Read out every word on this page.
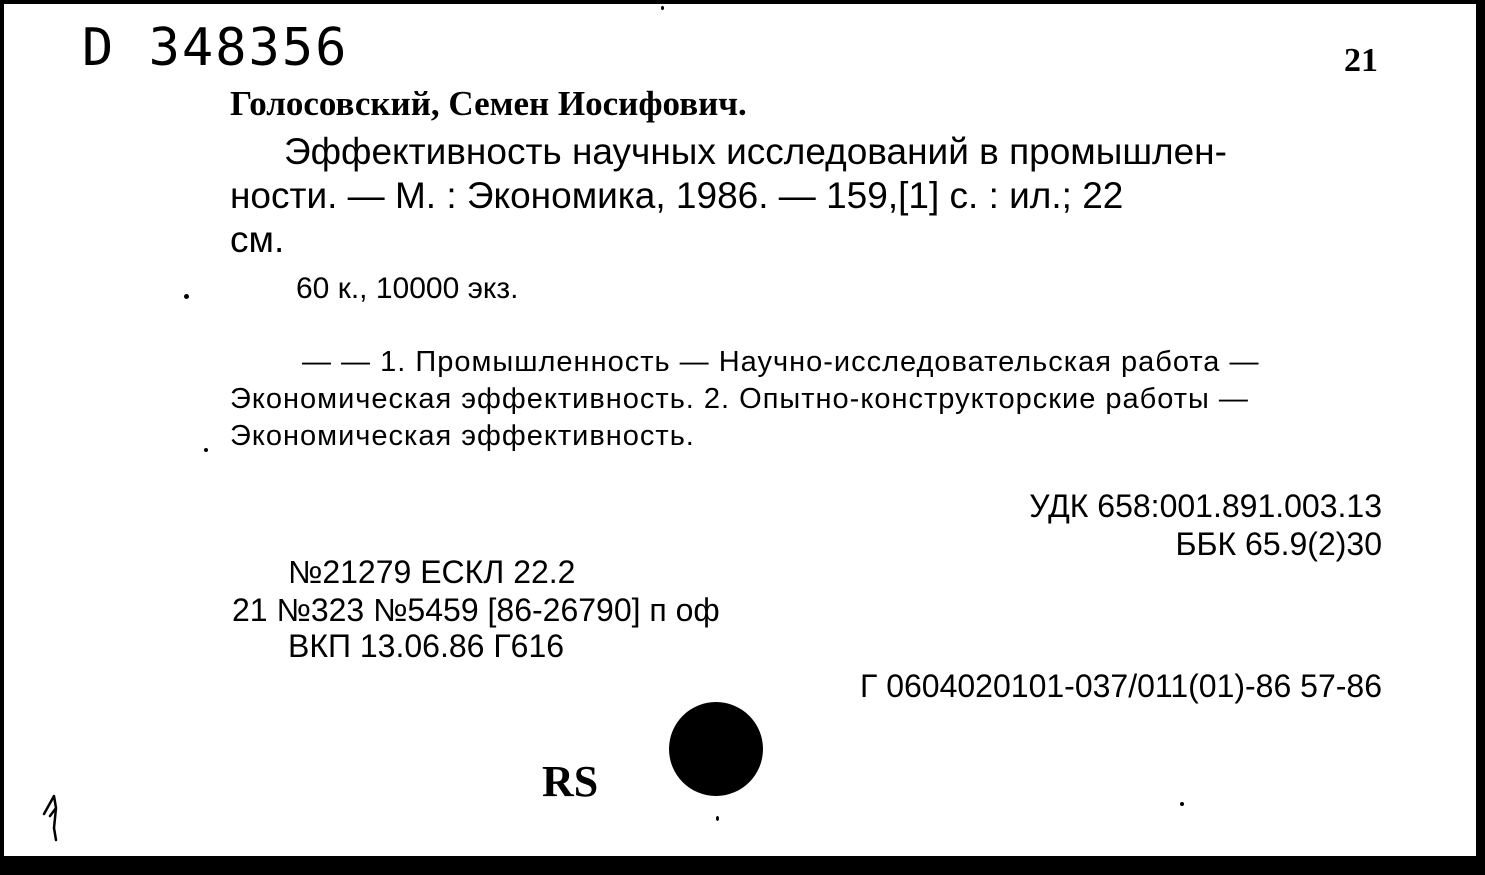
D 348356	21
Голосовский, Семен Иосифович.
Эффективность научных исследований в промышлен-
ности. — М. : Экономика, 1986. — 159,[1] с. : ил.; 22
см.
60 к., 10000 экз.
— — 1. Промышленность — Научно-исследовательская работа —
Экономическая эффективность. 2. Опытно-конструкторские работы —
Экономическая эффективность.
УДК 658:001.891.003.13
ББК 65.9(2)30
№21279 ЕСКЛ 22.2
21 №323 №5459 [86-26790] п оф
ВКП 13.06.86 Г616
Г 0604020101-037/011(01)-86 57-86
RS
